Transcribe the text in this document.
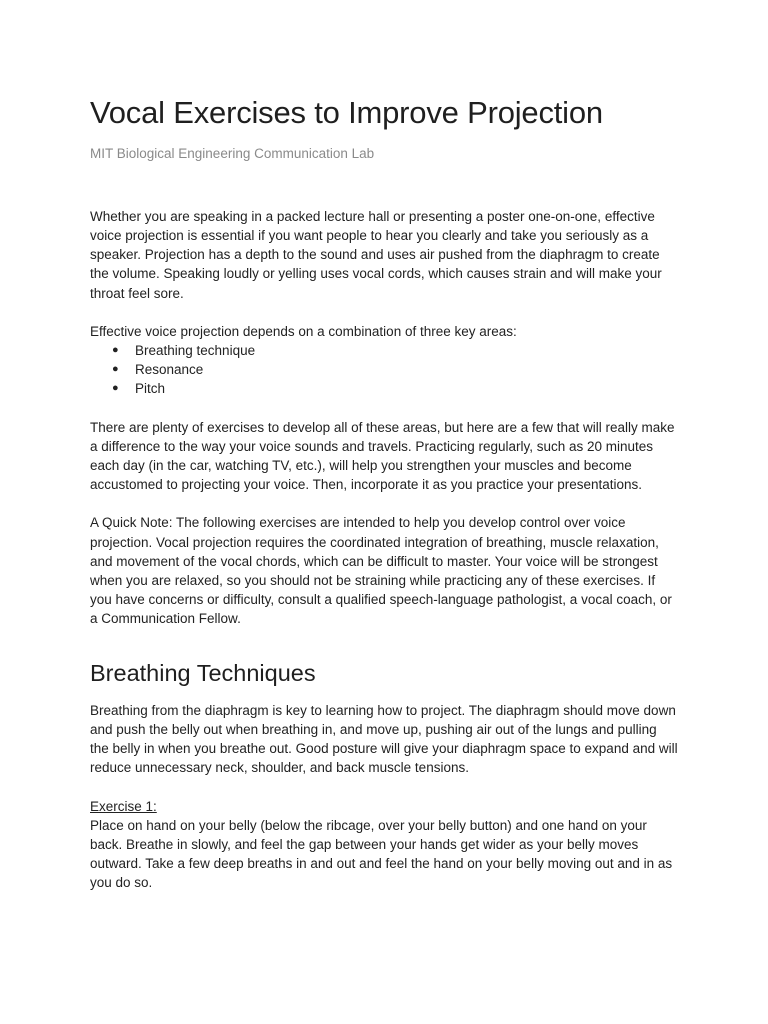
Vocal Exercises to Improve Projection
MIT Biological Engineering Communication Lab

Whether you are speaking in a packed lecture hall or presenting a poster one-on-one, effective voice projection is essential if you want people to hear you clearly and take you seriously as a speaker. Projection has a depth to the sound and uses air pushed from the diaphragm to create the volume. Speaking loudly or yelling uses vocal cords, which causes strain and will make your throat feel sore.

Effective voice projection depends on a combination of three key areas:

● Breathing technique
● Resonance
● Pitch

There are plenty of exercises to develop all of these areas, but here are a few that will really make a difference to the way your voice sounds and travels. Practicing regularly, such as 20 minutes each day (in the car, watching TV, etc.), will help you strengthen your muscles and become accustomed to projecting your voice. Then, incorporate it as you practice your presentations.

A Quick Note: The following exercises are intended to help you develop control over voice projection. Vocal projection requires the coordinated integration of breathing, muscle relaxation, and movement of the vocal chords, which can be difficult to master. Your voice will be strongest when you are relaxed, so you should not be straining while practicing any of these exercises. If you have concerns or difficulty, consult a qualified speech-language pathologist, a vocal coach, or a Communication Fellow.

Breathing Techniques

Breathing from the diaphragm is key to learning how to project. The diaphragm should move down and push the belly out when breathing in, and move up, pushing air out of the lungs and pulling the belly in when you breathe out. Good posture will give your diaphragm space to expand and will reduce unnecessary neck, shoulder, and back muscle tensions.

Exercise 1:

Place on hand on your belly (below the ribcage, over your belly button) and one hand on your back. Breathe in slowly, and feel the gap between your hands get wider as your belly moves outward. Take a few deep breaths in and out and feel the hand on your belly moving out and in as you do so.
